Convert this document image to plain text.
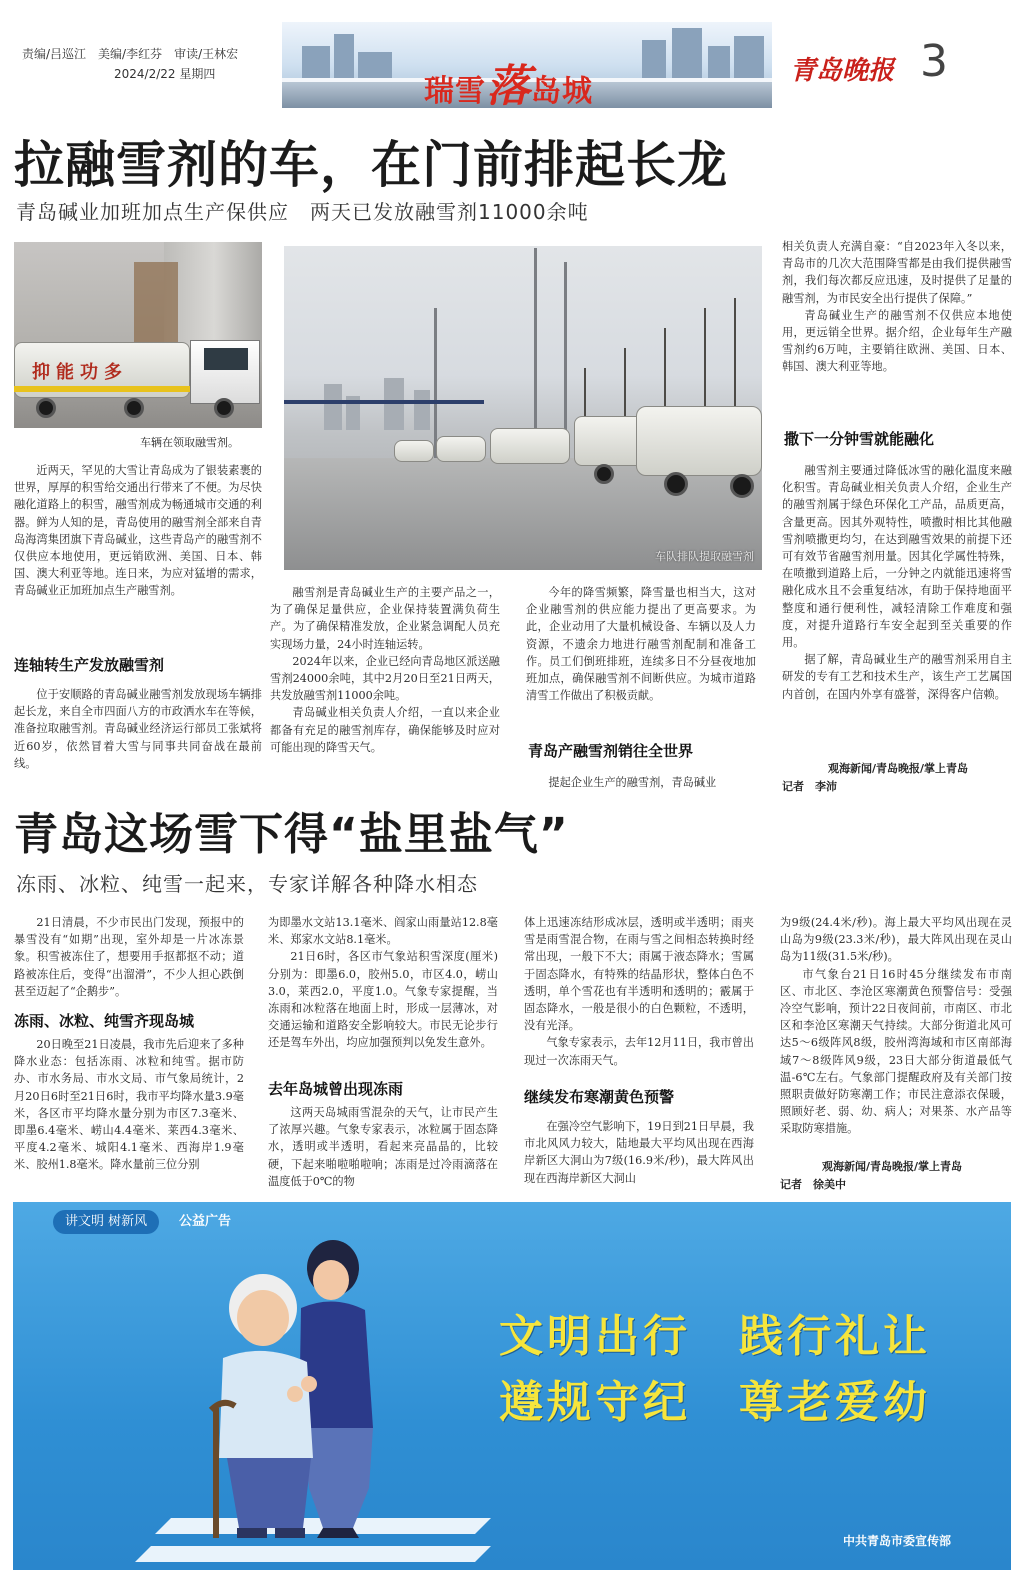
责编/吕巡江　美编/李红芬　审读/王林宏
2024/2/22 星期四	瑞雪落岛城
青岛晚报 3
拉融雪剂的车，在门前排起长龙
青岛碱业加班加点生产保供应　两天已发放融雪剂11000余吨
抑能功多
车辆在领取融雪剂。
车队排队提取融雪剂

近两天，罕见的大雪让青岛成为了银装素裹的世界，厚厚的积雪给交通出行带来了不便。为尽快融化道路上的积雪，融雪剂成为畅通城市交通的利器。鲜为人知的是，青岛使用的融雪剂全部来自青岛海湾集团旗下青岛碱业，这些青岛产的融雪剂不仅供应本地使用，更远销欧洲、美国、日本、韩国、澳大利亚等地。连日来，为应对猛增的需求，青岛碱业正加班加点生产融雪剂。

连轴转生产发放融雪剂

位于安顺路的青岛碱业融雪剂发放现场车辆排起长龙，来自全市四面八方的市政洒水车在等候，准备拉取融雪剂。青岛碱业经济运行部员工张斌将近60岁，依然冒着大雪与同事共同奋战在最前线。

融雪剂是青岛碱业生产的主要产品之一，为了确保足量供应，企业保持装置满负荷生产。为了确保精准发放，企业紧急调配人员充实现场力量，24小时连轴运转。

2024年以来，企业已经向青岛地区派送融雪剂24000余吨，其中2月20日至21日两天，共发放融雪剂11000余吨。

青岛碱业相关负责人介绍，一直以来企业都备有充足的融雪剂库存，确保能够及时应对可能出现的降雪天气。

今年的降雪频繁，降雪量也相当大，这对企业融雪剂的供应能力提出了更高要求。为此，企业动用了大量机械设备、车辆以及人力资源，不遗余力地进行融雪剂配制和准备工作。员工们倒班排班，连续多日不分昼夜地加班加点，确保融雪剂不间断供应。为城市道路清雪工作做出了积极贡献。

青岛产融雪剂销往全世界

提起企业生产的融雪剂，青岛碱业

相关负责人充满自豪：“自2023年入冬以来，青岛市的几次大范围降雪都是由我们提供融雪剂，我们每次都反应迅速，及时提供了足量的融雪剂，为市民安全出行提供了保障。”

青岛碱业生产的融雪剂不仅供应本地使用，更远销全世界。据介绍，企业每年生产融雪剂约6万吨，主要销往欧洲、美国、日本、韩国、澳大利亚等地。

撒下一分钟雪就能融化

融雪剂主要通过降低冰雪的融化温度来融化积雪。青岛碱业相关负责人介绍，企业生产的融雪剂属于绿色环保化工产品，品质更高，含量更高。因其外观特性，喷撒时相比其他融雪剂喷撒更均匀，在达到融雪效果的前提下还可有效节省融雪剂用量。因其化学属性特殊，在喷撒到道路上后，一分钟之内就能迅速将雪融化成水且不会重复结冰，有助于保持地面平整度和通行便利性，减轻清除工作难度和强度，对提升道路行车安全起到至关重要的作用。

据了解，青岛碱业生产的融雪剂采用自主研发的专有工艺和技术生产，该生产工艺属国内首创，在国内外享有盛誉，深得客户信赖。

观海新闻/青岛晚报/掌上青岛
记者　李沛
青岛这场雪下得“盐里盐气”
冻雨、冰粒、纯雪一起来，专家详解各种降水相态

21日清晨，不少市民出门发现，预报中的暴雪没有“如期”出现，室外却是一片冰冻景象。积雪被冻住了，想要用手抠都抠不动；道路被冻住后，变得“出溜滑”，不少人担心跌倒甚至迈起了“企鹅步”。

冻雨、冰粒、纯雪齐现岛城

20日晚至21日凌晨，我市先后迎来了多种降水业态：包括冻雨、冰粒和纯雪。据市防办、市水务局、市水文局、市气象局统计，2月20日6时至21日6时，我市平均降水量3.9毫米，各区市平均降水量分别为市区7.3毫米、即墨6.4毫米、崂山4.4毫米、莱西4.3毫米、平度4.2毫米、城阳4.1毫米、西海岸1.9毫米、胶州1.8毫米。降水量前三位分别

为即墨水文站13.1毫米、阎家山雨量站12.8毫米、郑家水文站8.1毫米。

21日6时，各区市气象站积雪深度(厘米)分别为：即墨6.0，胶州5.0，市区4.0，崂山3.0，莱西2.0，平度1.0。气象专家提醒，当冻雨和冰粒落在地面上时，形成一层薄冰，对交通运输和道路安全影响较大。市民无论步行还是驾车外出，均应加强预判以免发生意外。

去年岛城曾出现冻雨

这两天岛城雨雪混杂的天气，让市民产生了浓厚兴趣。气象专家表示，冰粒属于固态降水，透明或半透明，看起来亮晶晶的，比较硬，下起来啪啦啪啦响；冻雨是过冷雨滴落在温度低于0℃的物

体上迅速冻结形成冰层，透明或半透明；雨夹雪是雨雪混合物，在雨与雪之间相态转换时经常出现，一般下不大；雨属于液态降水；雪属于固态降水，有特殊的结晶形状，整体白色不透明，单个雪花也有半透明和透明的；霰属于固态降水，一般是很小的白色颗粒，不透明，没有光泽。

气象专家表示，去年12月11日，我市曾出现过一次冻雨天气。

继续发布寒潮黄色预警

在强冷空气影响下，19日到21日早晨，我市北风风力较大，陆地最大平均风出现在西海岸新区大洞山为7级(16.9米/秒)，最大阵风出现在西海岸新区大洞山

为9级(24.4米/秒)。海上最大平均风出现在灵山岛为9级(23.3米/秒)，最大阵风出现在灵山岛为11级(31.5米/秒)。

市气象台21日16时45分继续发布市南区、市北区、李沧区寒潮黄色预警信号：受强冷空气影响，预计22日夜间前，市南区、市北区和李沧区寒潮天气持续。大部分街道北风可达5～6级阵风8级，胶州湾海域和市区南部海域7～8级阵风9级，23日大部分街道最低气温-6℃左右。气象部门提醒政府及有关部门按照职责做好防寒潮工作；市民注意添衣保暖，照顾好老、弱、幼、病人；对果茶、水产品等采取防寒措施。

观海新闻/青岛晚报/掌上青岛
记者　徐美中
讲文明 树新风	公益广告
文明出行　践行礼让
遵规守纪　尊老爱幼
中共青岛市委宣传部
